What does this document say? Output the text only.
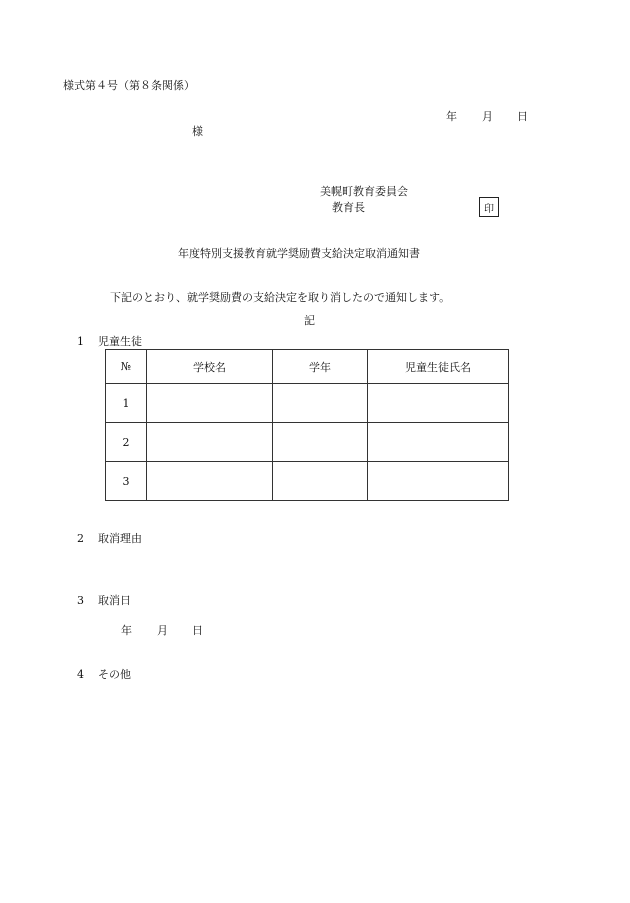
様式第４号（第８条関係）
年 月 日
様
美幌町教育委員会
教育長	印
年度特別支援教育就学奨励費支給決定取消通知書
下記のとおり、就学奨励費の支給決定を取り消したので通知します。
記
1 児童生徒
№	学校名	学年	児童生徒氏名
1			
2			
3			
2 取消理由
3 取消日
年 月 日
4 その他
